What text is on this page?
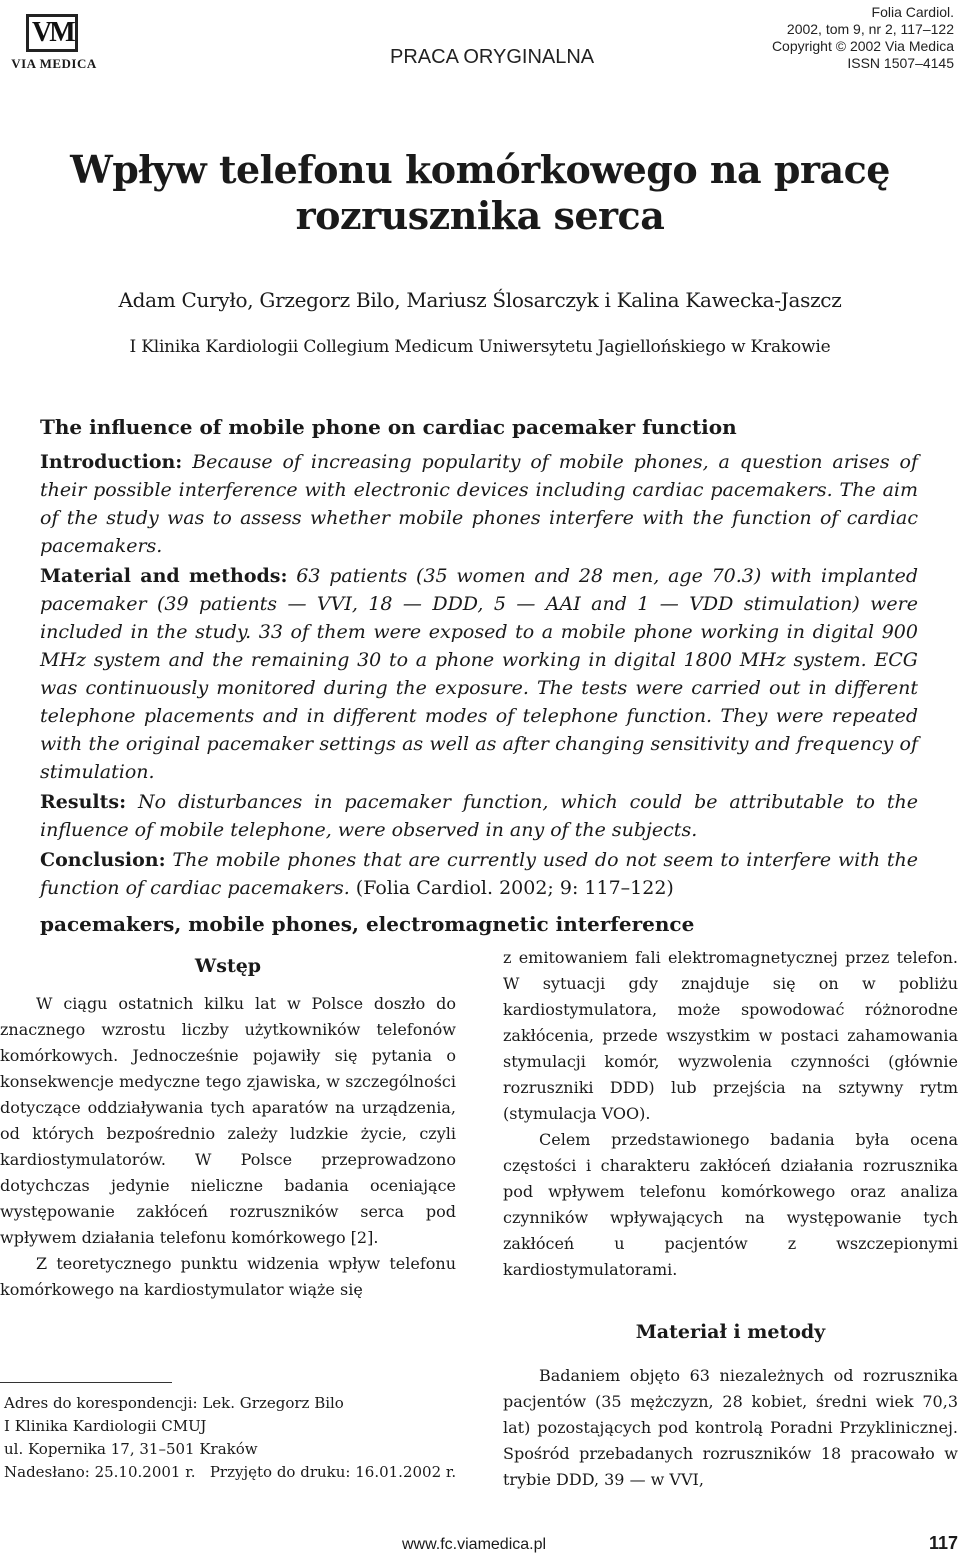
VM
VIA MEDICA	PRACA ORYGINALNA
Folia Cardiol.
2002, tom 9, nr 2, 117–122
Copyright © 2002 Via Medica
ISSN 1507–4145
Wpływ telefonu komórkowego na pracę
rozrusznika serca
Adam Curyło, Grzegorz Bilo, Mariusz Ślosarczyk i Kalina Kawecka-Jaszcz
I Klinika Kardiologii Collegium Medicum Uniwersytetu Jagiellońskiego w Krakowie
The influence of mobile phone on cardiac pacemaker function

Introduction: Because of increasing popularity of mobile phones, a question arises of their possible interference with electronic devices including cardiac pacemakers. The aim of the study was to assess whether mobile phones interfere with the function of cardiac pacemakers.

Material and methods: 63 patients (35 women and 28 men, age 70.3) with implanted pacemaker (39 patients — VVI, 18 — DDD, 5 — AAI and 1 — VDD stimulation) were included in the study. 33 of them were exposed to a mobile phone working in digital 900 MHz system and the remaining 30 to a phone working in digital 1800 MHz system. ECG was continuously monitored during the exposure. The tests were carried out in different telephone placements and in different modes of telephone function. They were repeated with the original pacemaker settings as well as after changing sensitivity and frequency of stimulation.

Results: No disturbances in pacemaker function, which could be attributable to the influence of mobile telephone, were observed in any of the subjects.

Conclusion: The mobile phones that are currently used do not seem to interfere with the function of cardiac pacemakers. (Folia Cardiol. 2002; 9: 117–122)

pacemakers, mobile phones, electromagnetic interference
Wstęp

W ciągu ostatnich kilku lat w Polsce doszło do znacznego wzrostu liczby użytkowników telefonów komórkowych. Jednocześnie pojawiły się pytania o konsekwencje medyczne tego zjawiska, w szczególności dotyczące oddziaływania tych aparatów na urządzenia, od których bezpośrednio zależy ludzkie życie, czyli kardiostymulatorów. W Polsce przeprowadzono dotychczas jedynie nieliczne badania oceniające występowanie zakłóceń rozruszników serca pod wpływem działania telefonu komórkowego [2].

Z teoretycznego punktu widzenia wpływ telefonu komórkowego na kardiostymulator wiąże się

z emitowaniem fali elektromagnetycznej przez telefon. W sytuacji gdy znajduje się on w pobliżu kardiostymulatora, może spowodować różnorodne zakłócenia, przede wszystkim w postaci zahamowania stymulacji komór, wyzwolenia czynności (głównie rozruszniki DDD) lub przejścia na sztywny rytm (stymulacja VOO).

Celem przedstawionego badania była ocena częstości i charakteru zakłóceń działania rozrusznika pod wpływem telefonu komórkowego oraz analiza czynników wpływających na występowanie tych zakłóceń u pacjentów z wszczepionymi kardiostymulatorami.

Materiał i metody

Badaniem objęto 63 niezależnych od rozrusznika pacjentów (35 mężczyzn, 28 kobiet, średni wiek 70,3 lat) pozostających pod kontrolą Poradni Przyklinicznej. Spośród przebadanych rozruszników 18 pracowało w trybie DDD, 39 — w VVI,

Adres do korespondencji: Lek. Grzegorz Bilo
I Klinika Kardiologii CMUJ
ul. Kopernika 17, 31–501 Kraków
Nadesłano: 25.10.2001 r. Przyjęto do druku: 16.01.2002 r.
www.fc.viamedica.pl	117
